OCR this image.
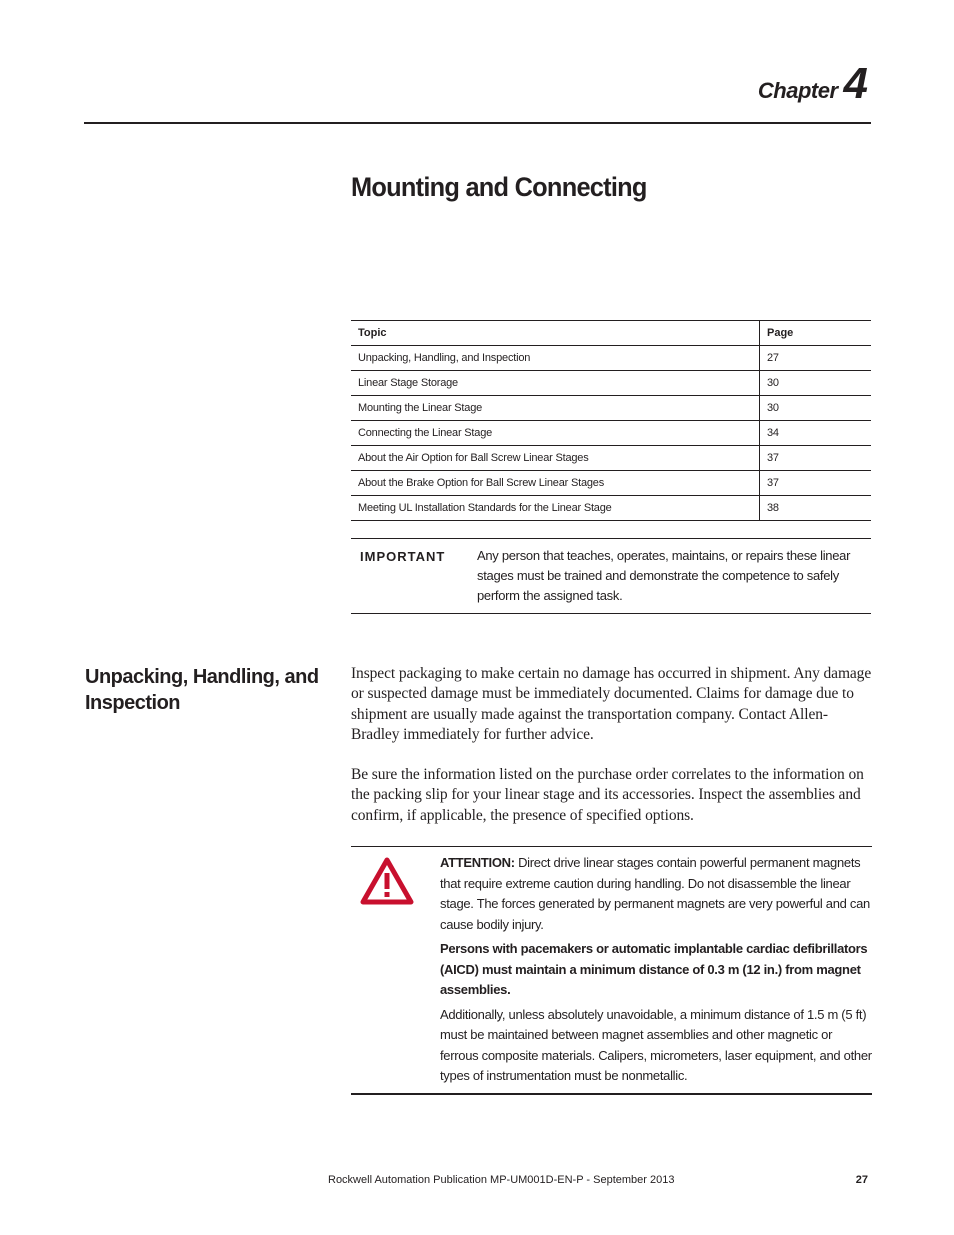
Chapter 4
Mounting and Connecting
Topic	Page
Unpacking, Handling, and Inspection	27
Linear Stage Storage	30
Mounting the Linear Stage	30
Connecting the Linear Stage	34
About the Air Option for Ball Screw Linear Stages	37
About the Brake Option for Ball Screw Linear Stages	37
Meeting UL Installation Standards for the Linear Stage	38
IMPORTANT Any person that teaches, operates, maintains, or repairs these linear stages must be trained and demonstrate the competence to safely perform the assigned task.
Unpacking, Handling, and Inspection

Inspect packaging to make certain no damage has occurred in shipment. Any damage or suspected damage must be immediately documented. Claims for damage due to shipment are usually made against the transportation company. Contact Allen-Bradley immediately for further advice.

Be sure the information listed on the purchase order correlates to the information on the packing slip for your linear stage and its accessories. Inspect the assemblies and confirm, if applicable, the presence of specified options.

ATTENTION: Direct drive linear stages contain powerful permanent magnets that require extreme caution during handling. Do not disassemble the linear stage. The forces generated by permanent magnets are very powerful and can cause bodily injury.

Persons with pacemakers or automatic implantable cardiac defibrillators (AICD) must maintain a minimum distance of 0.3 m (12 in.) from magnet assemblies.

Additionally, unless absolutely unavoidable, a minimum distance of 1.5 m (5 ft) must be maintained between magnet assemblies and other magnetic or ferrous composite materials. Calipers, micrometers, laser equipment, and other types of instrumentation must be nonmetallic.

Rockwell Automation Publication MP-UM001D-EN-P - September 2013	27
